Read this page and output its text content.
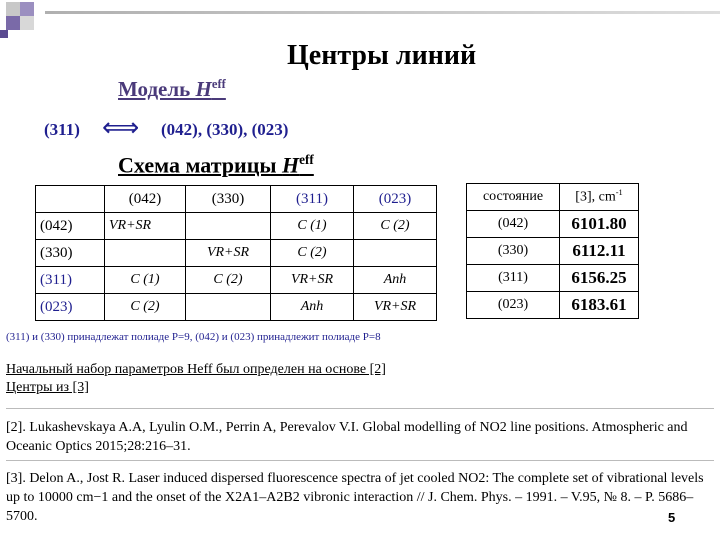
Центры линий
Модель $H^{eff}$
(311) ⟺ (042), (330), (023)
Схема матрицы $H^{eff}$
	(042)	(330)	(311)	(023)
(042)	VR+SR		C (1)	C (2)
(330)		VR+SR	C (2)	
(311)	C (1)	C (2)	VR+SR	Anh
(023)	C (2)		Anh	VR+SR
состояние	[3], $cm^{-1}$
(042)	6101.80
(330)	6112.11
(311)	6156.25
(023)	6183.61
(311) и (330) принадлежат полиаде P=9, (042) и (023) принадлежит полиаде P=8
Начальный набор параметров Heff был определен на основе [2]
Центры из [3]
[2]. Lukashevskaya A.A, Lyulin O.M., Perrin A, Perevalov V.I. Global modelling of NO2 line positions. Atmospheric and Oceanic Optics 2015;28:216–31.
[3]. Delon A., Jost R. Laser induced dispersed fluorescence spectra of jet cooled NO2: The complete set of vibrational levels up to 10000 cm−1 and the onset of the X2A1–A2B2 vibronic interaction // J. Chem. Phys. – 1991. – V.95, № 8. – P. 5686–5700.	5
